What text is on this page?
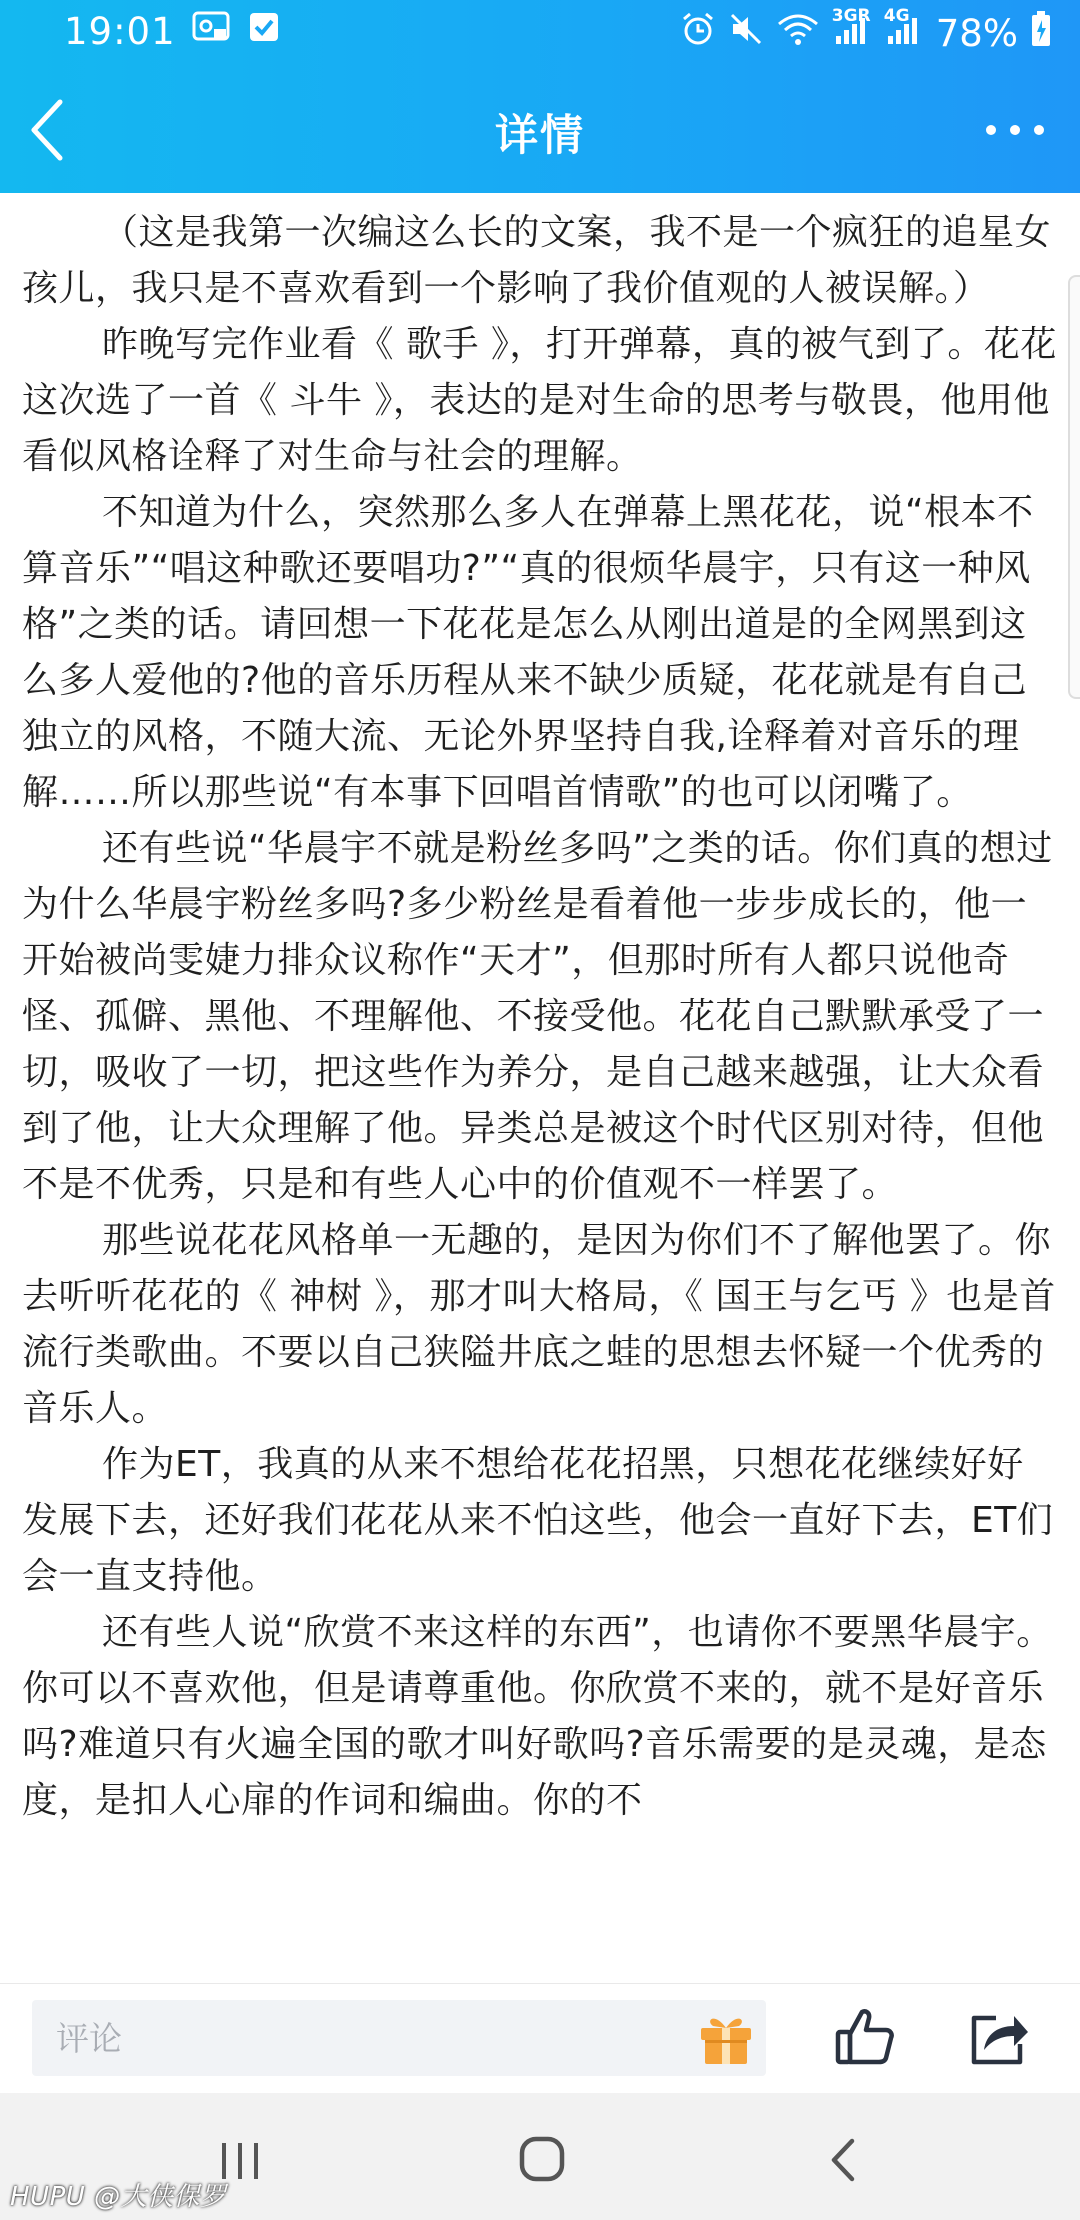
19:01	3GR 4G 78%
详情

（这是我第一次编这么长的文案，我不是一个疯狂的追星女孩儿，我只是不喜欢看到一个影响了我价值观的人被误解。）

昨晚写完作业看《 歌手 》，打开弹幕，真的被气到了。花花这次选了一首《 斗牛 》，表达的是对生命的思考与敬畏，他用他看似风格诠释了对生命与社会的理解。

不知道为什么，突然那么多人在弹幕上黑花花，说“根本不算音乐”“唱这种歌还要唱功?”“真的很烦华晨宇，只有这一种风格”之类的话。请回想一下花花是怎么从刚出道是的全网黑到这么多人爱他的?他的音乐历程从来不缺少质疑，花花就是有自己独立的风格，不随大流、无论外界坚持自我,诠释着对音乐的理解……所以那些说“有本事下回唱首情歌”的也可以闭嘴了。

还有些说“华晨宇不就是粉丝多吗”之类的话。你们真的想过为什么华晨宇粉丝多吗?多少粉丝是看着他一步步成长的，他一开始被尚雯婕力排众议称作“天才”，但那时所有人都只说他奇怪、孤僻、黑他、不理解他、不接受他。花花自己默默承受了一切，吸收了一切，把这些作为养分，是自己越来越强，让大众看到了他，让大众理解了他。异类总是被这个时代区别对待，但他不是不优秀，只是和有些人心中的价值观不一样罢了。

那些说花花风格单一无趣的，是因为你们不了解他罢了。你去听听花花的《 神树 》，那才叫大格局，《 国王与乞丐 》也是首流行类歌曲。不要以自己狭隘井底之蛙的思想去怀疑一个优秀的音乐人。

作为ET，我真的从来不想给花花招黑，只想花花继续好好发展下去，还好我们花花从来不怕这些，他会一直好下去，ET们会一直支持他。

还有些人说“欣赏不来这样的东西”，也请你不要黑华晨宇。你可以不喜欢他，但是请尊重他。你欣赏不来的，就不是好音乐吗?难道只有火遍全国的歌才叫好歌吗?音乐需要的是灵魂，是态度，是扣人心扉的作词和编曲。你的不

评论
HUPU @大侠保罗
